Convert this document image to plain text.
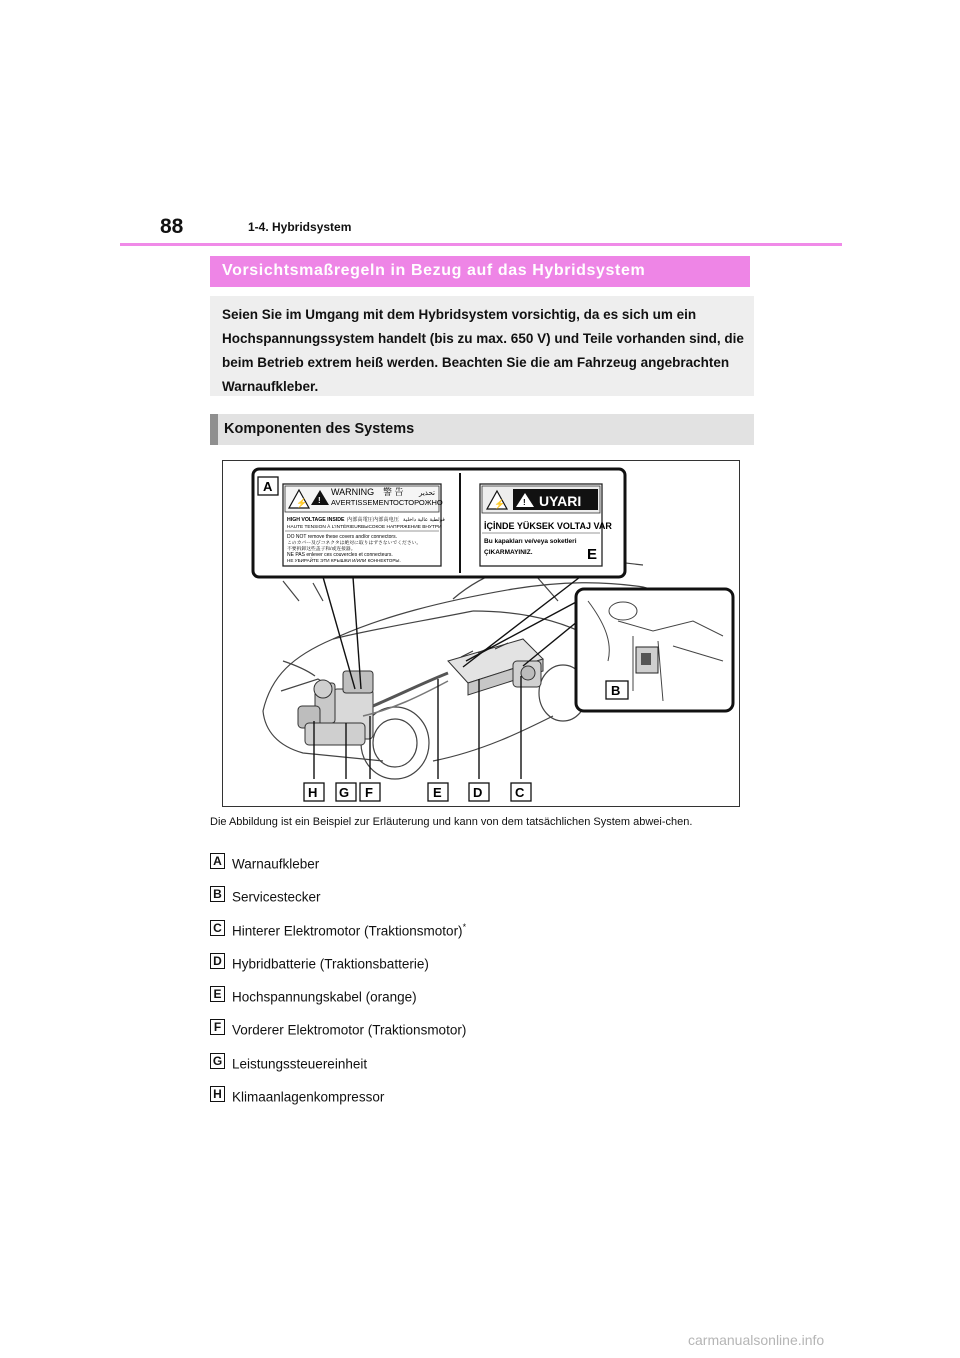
88	1-4. Hybridsystem
Vorsichtsmaßregeln in Bezug auf das Hybridsystem
Seien Sie im Umgang mit dem Hybridsystem vorsichtig, da es sich um ein Hochspannungssystem handelt (bis zu max. 650 V) und Teile vorhanden sind, die beim Betrieb extrem heiß werden. Beachten Sie die am Fahrzeug angebrachten Warnaufkleber.
Komponenten des Systems
⚡ !
WARNING 警 告 تحذير
AVERTISSEMENT ОСТОРОЖНО
HIGH VOLTAGE INSIDE 内部高電圧 内部高电压 فولطية عالية داخلية
HAUTE TENSION À L'INTÉRIEUR ВЫСОКОЕ НАПРЯЖЕНИЕ ВНУТРИ
DO NOT remove these covers and/or connectors.
このカバー及びコネクタは絶対に取りはずさないでください。
不要拆卸这些盖子和/或连接器。
NE PAS enlever ces couvercles et connecteurs.
НЕ УБИРАЙТЕ ЭТИ КРЫШКИ И/ИЛИ КОННЕКТОРЫ.
⚡ ! UYARI
İÇİNDE YÜKSEK VOLTAJ VAR
Bu kapakları ve/veya soketleri
ÇIKARMAYINIZ.	E
A
B
H G F	E D	C
Die Abbildung ist ein Beispiel zur Erläuterung und kann von dem tatsächlichen System abwei-chen.
A Warnaufkleber
B Servicestecker
C Hinterer Elektromotor (Traktionsmotor)*
D Hybridbatterie (Traktionsbatterie)
E Hochspannungskabel (orange)
F Vorderer Elektromotor (Traktionsmotor)
G Leistungssteuereinheit
H Klimaanlagenkompressor
carmanualsonline.info
